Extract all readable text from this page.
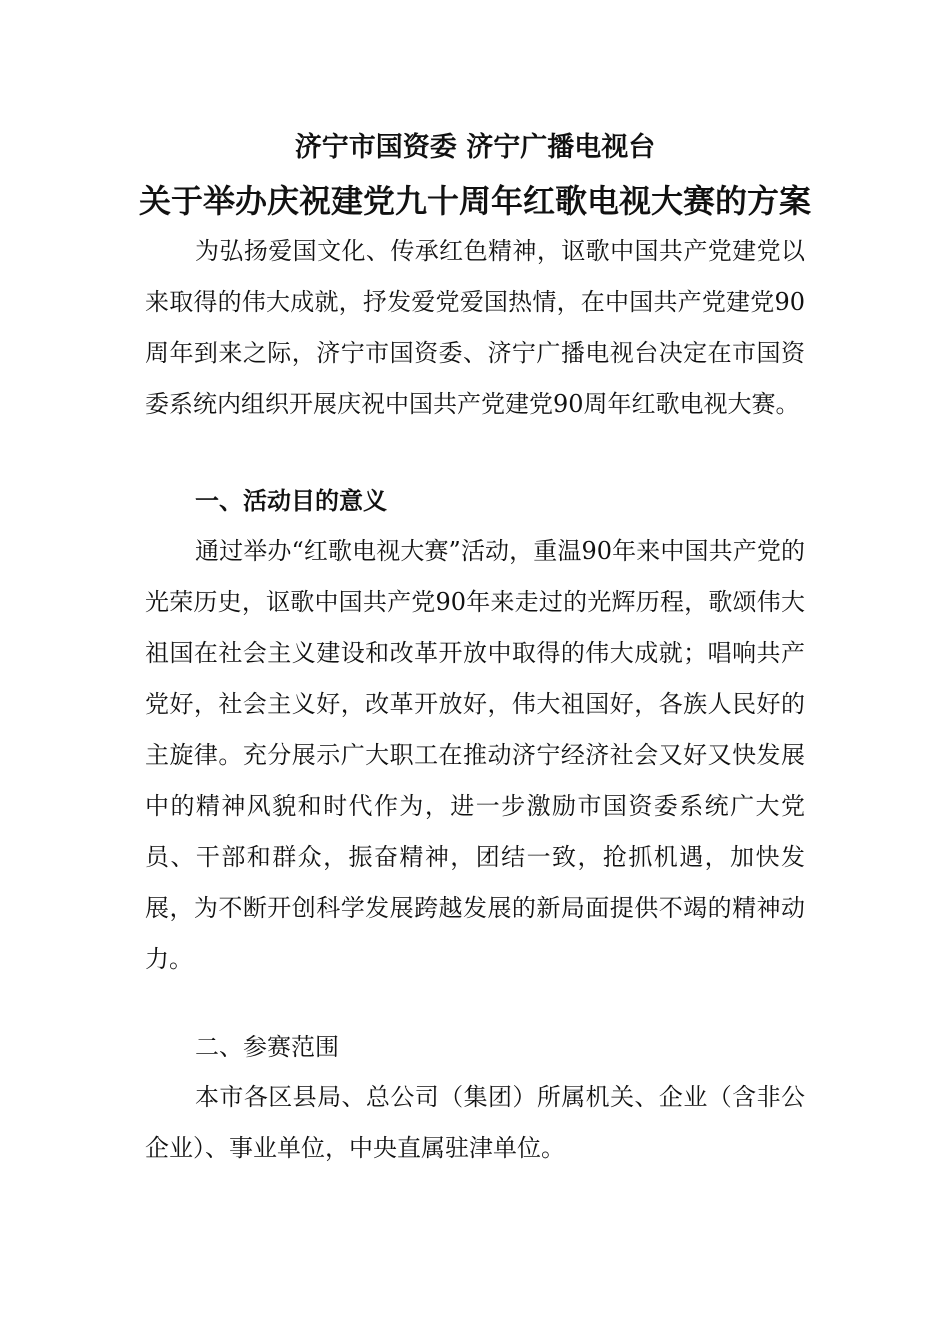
济宁市国资委 济宁广播电视台
关于举办庆祝建党九十周年红歌电视大赛的方案

为弘扬爱国文化、传承红色精神，讴歌中国共产党建党以来取得的伟大成就，抒发爱党爱国热情，在中国共产党建党90周年到来之际，济宁市国资委、济宁广播电视台决定在市国资委系统内组织开展庆祝中国共产党建党90周年红歌电视大赛。

一、活动目的意义

通过举办“红歌电视大赛”活动，重温90年来中国共产党的光荣历史，讴歌中国共产党90年来走过的光辉历程，歌颂伟大祖国在社会主义建设和改革开放中取得的伟大成就；唱响共产党好，社会主义好，改革开放好，伟大祖国好，各族人民好的主旋律。充分展示广大职工在推动济宁经济社会又好又快发展中的精神风貌和时代作为，进一步激励市国资委系统广大党员、干部和群众，振奋精神，团结一致，抢抓机遇，加快发展，为不断开创科学发展跨越发展的新局面提供不竭的精神动力。

二、参赛范围

本市各区县局、总公司（集团）所属机关、企业（含非公企业）、事业单位，中央直属驻津单位。
